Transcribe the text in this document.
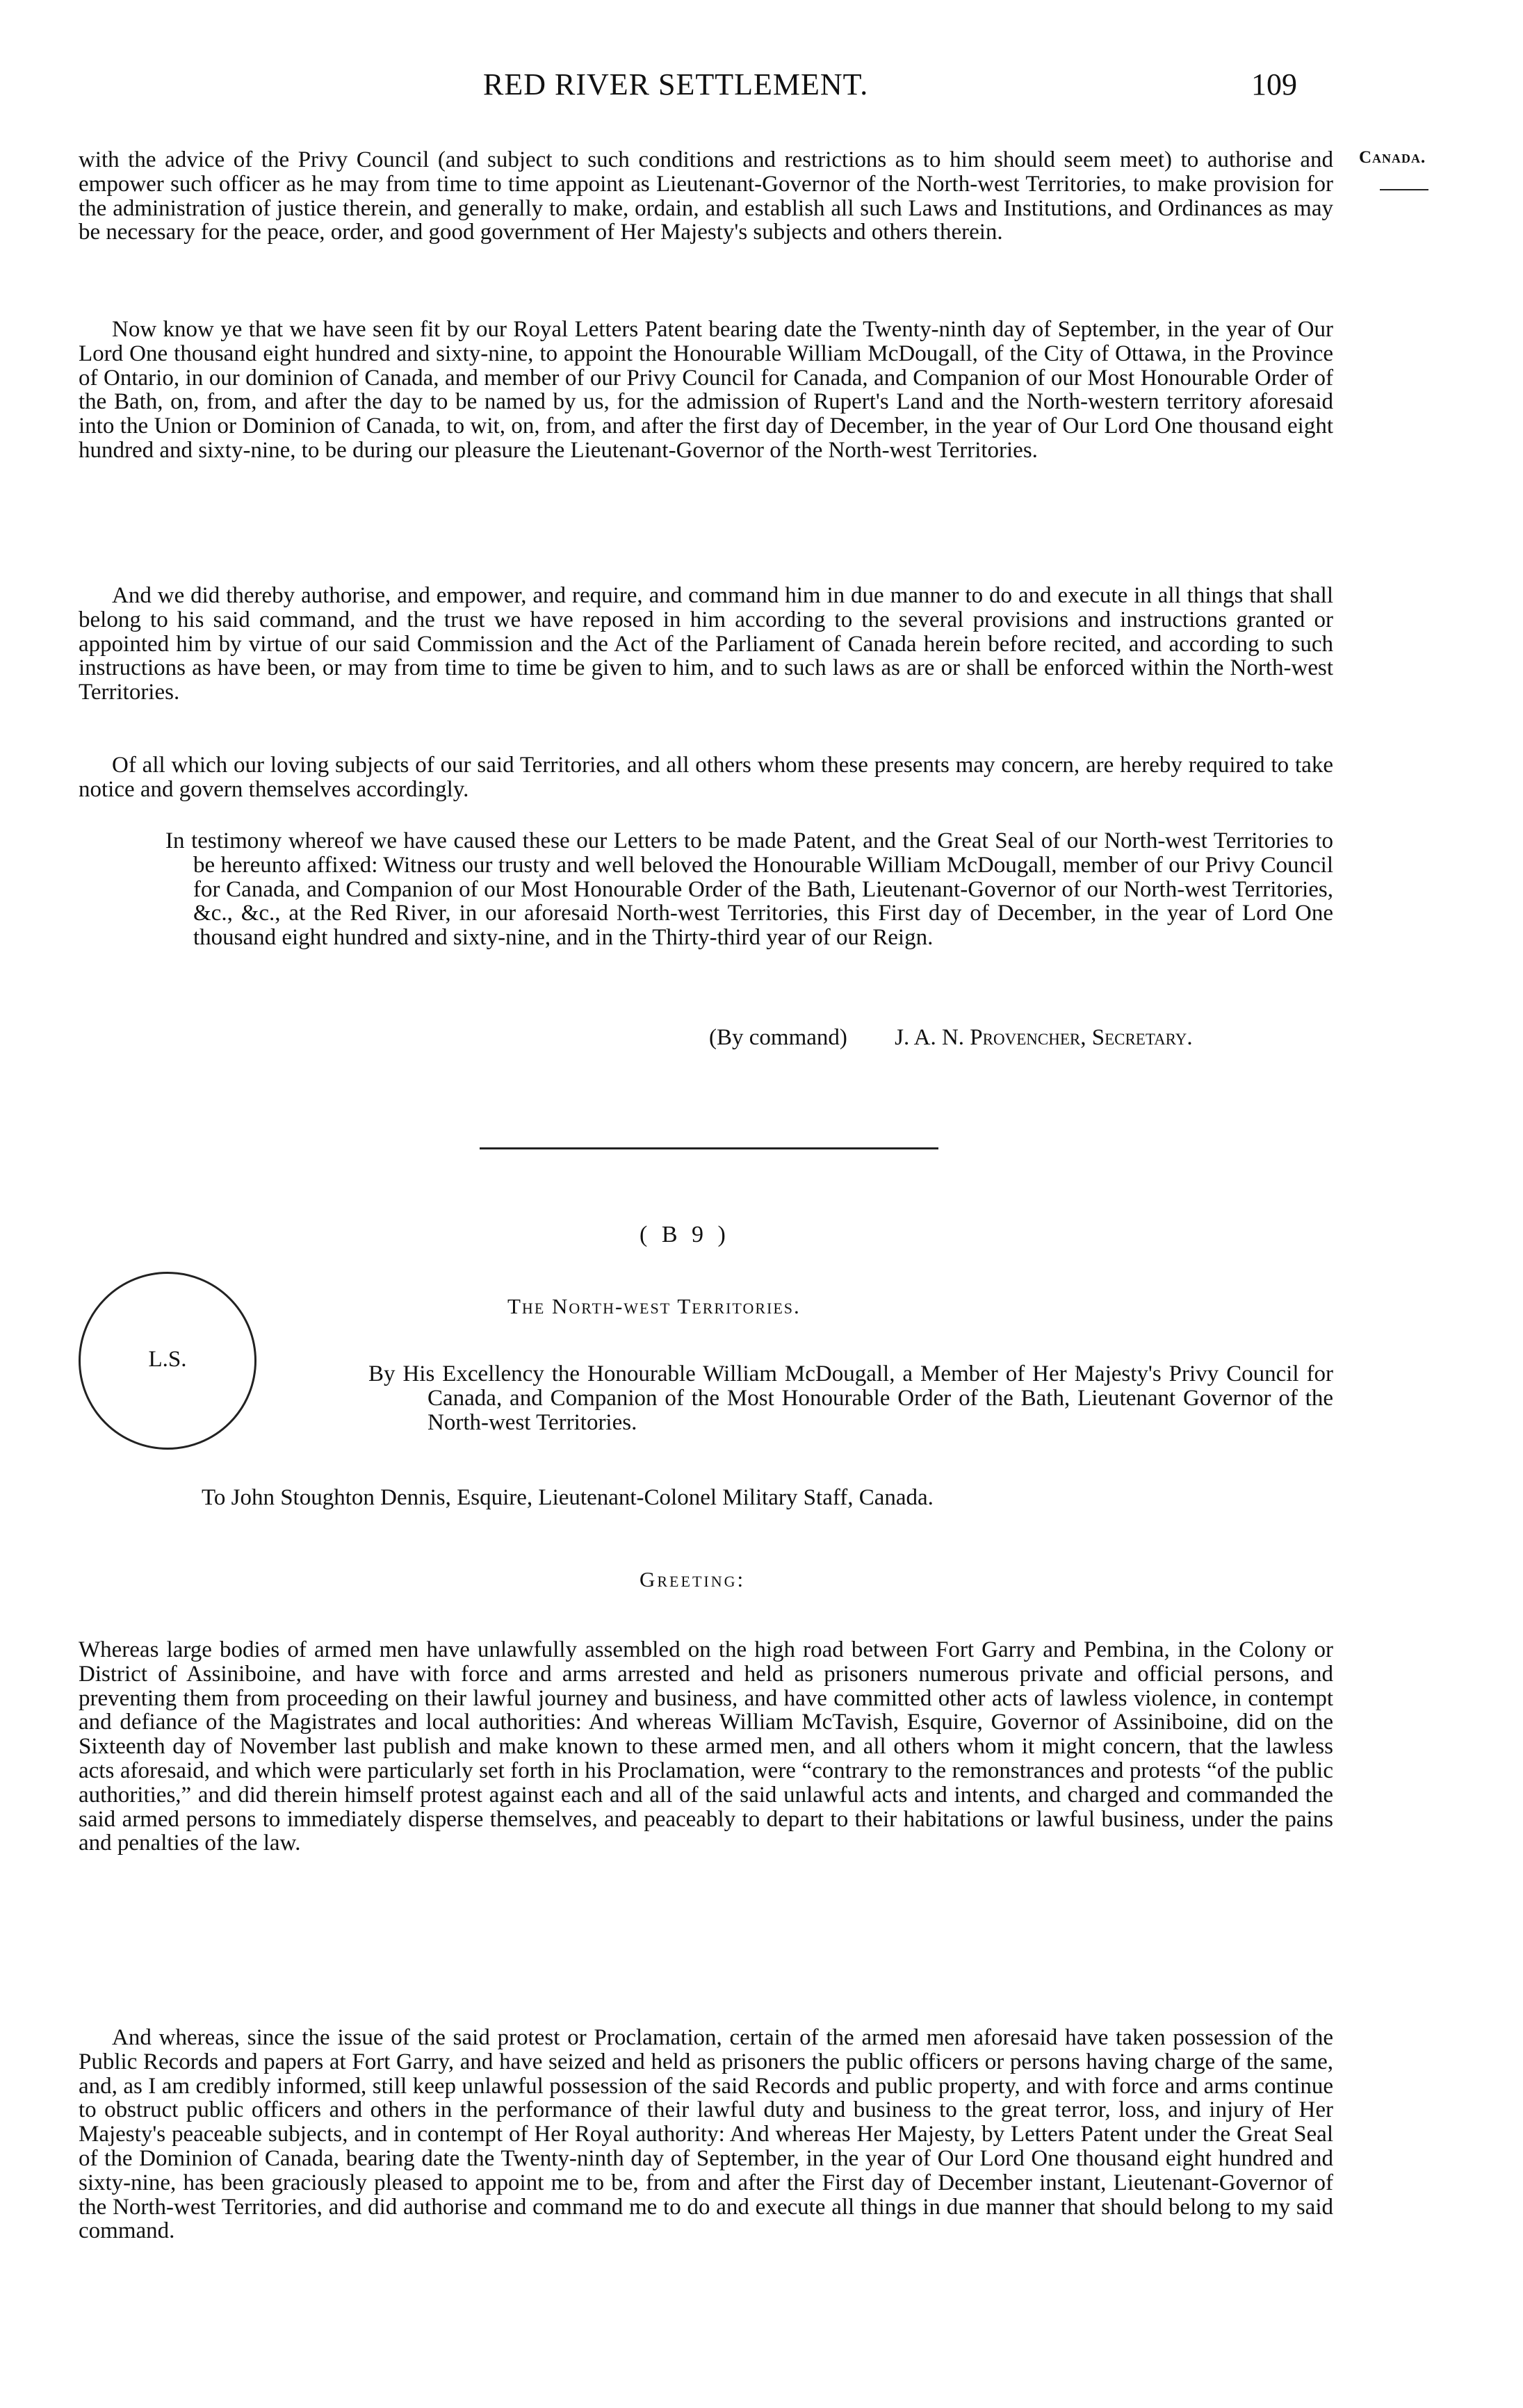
RED RIVER SETTLEMENT.	109
Canada.

with the advice of the Privy Council (and subject to such conditions and restrictions as to him should seem meet) to authorise and empower such officer as he may from time to time appoint as Lieutenant-Governor of the North-west Territories, to make provision for the administration of justice therein, and generally to make, ordain, and establish all such Laws and Institutions, and Ordinances as may be necessary for the peace, order, and good government of Her Majesty's subjects and others therein.

Now know ye that we have seen fit by our Royal Letters Patent bearing date the Twenty-ninth day of September, in the year of Our Lord One thousand eight hundred and sixty-nine, to appoint the Honourable William McDougall, of the City of Ottawa, in the Province of Ontario, in our dominion of Canada, and member of our Privy Council for Canada, and Companion of our Most Honourable Order of the Bath, on, from, and after the day to be named by us, for the admission of Rupert's Land and the North-western territory aforesaid into the Union or Dominion of Canada, to wit, on, from, and after the first day of December, in the year of Our Lord One thousand eight hundred and sixty-nine, to be during our pleasure the Lieutenant-Governor of the North-west Territories.

And we did thereby authorise, and empower, and require, and command him in due manner to do and execute in all things that shall belong to his said command, and the trust we have reposed in him according to the several provisions and instructions granted or appointed him by virtue of our said Commission and the Act of the Parliament of Canada herein before recited, and according to such instructions as have been, or may from time to time be given to him, and to such laws as are or shall be enforced within the North-west Territories.

Of all which our loving subjects of our said Territories, and all others whom these presents may concern, are hereby required to take notice and govern themselves accordingly.

In testimony whereof we have caused these our Letters to be made Patent, and the Great Seal of our North-west Territories to be hereunto affixed: Witness our trusty and well beloved the Honourable William McDougall, member of our Privy Council for Canada, and Companion of our Most Honourable Order of the Bath, Lieutenant-Governor of our North-west Territories, &c., &c., at the Red River, in our aforesaid North-west Territories, this First day of December, in the year of Lord One thousand eight hundred and sixty-nine, and in the Thirty-third year of our Reign.

(By command) J. A. N. Provencher, Secretary.
( B 9 )
The North-west Territories.
L.S.

By His Excellency the Honourable William McDougall, a Member of Her Majesty's Privy Council for Canada, and Companion of the Most Honourable Order of the Bath, Lieutenant Governor of the North-west Territories.

To John Stoughton Dennis, Esquire, Lieutenant-Colonel Military Staff, Canada.

Greeting:

Whereas large bodies of armed men have unlawfully assembled on the high road between Fort Garry and Pembina, in the Colony or District of Assiniboine, and have with force and arms arrested and held as prisoners numerous private and official persons, and preventing them from proceeding on their lawful journey and business, and have committed other acts of lawless violence, in contempt and defiance of the Magistrates and local authorities: And whereas William McTavish, Esquire, Governor of Assiniboine, did on the Sixteenth day of November last publish and make known to these armed men, and all others whom it might concern, that the lawless acts aforesaid, and which were particularly set forth in his Proclamation, were “contrary to the remonstrances and protests “of the public authorities,” and did therein himself protest against each and all of the said unlawful acts and intents, and charged and commanded the said armed persons to immediately disperse themselves, and peaceably to depart to their habitations or lawful business, under the pains and penalties of the law.

And whereas, since the issue of the said protest or Proclamation, certain of the armed men aforesaid have taken possession of the Public Records and papers at Fort Garry, and have seized and held as prisoners the public officers or persons having charge of the same, and, as I am credibly informed, still keep unlawful possession of the said Records and public property, and with force and arms continue to obstruct public officers and others in the performance of their lawful duty and business to the great terror, loss, and injury of Her Majesty's peaceable subjects, and in contempt of Her Royal authority: And whereas Her Majesty, by Letters Patent under the Great Seal of the Dominion of Canada, bearing date the Twenty-ninth day of September, in the year of Our Lord One thousand eight hundred and sixty-nine, has been graciously pleased to appoint me to be, from and after the First day of December instant, Lieutenant-Governor of the North-west Territories, and did authorise and command me to do and execute all things in due manner that should belong to my said command.
